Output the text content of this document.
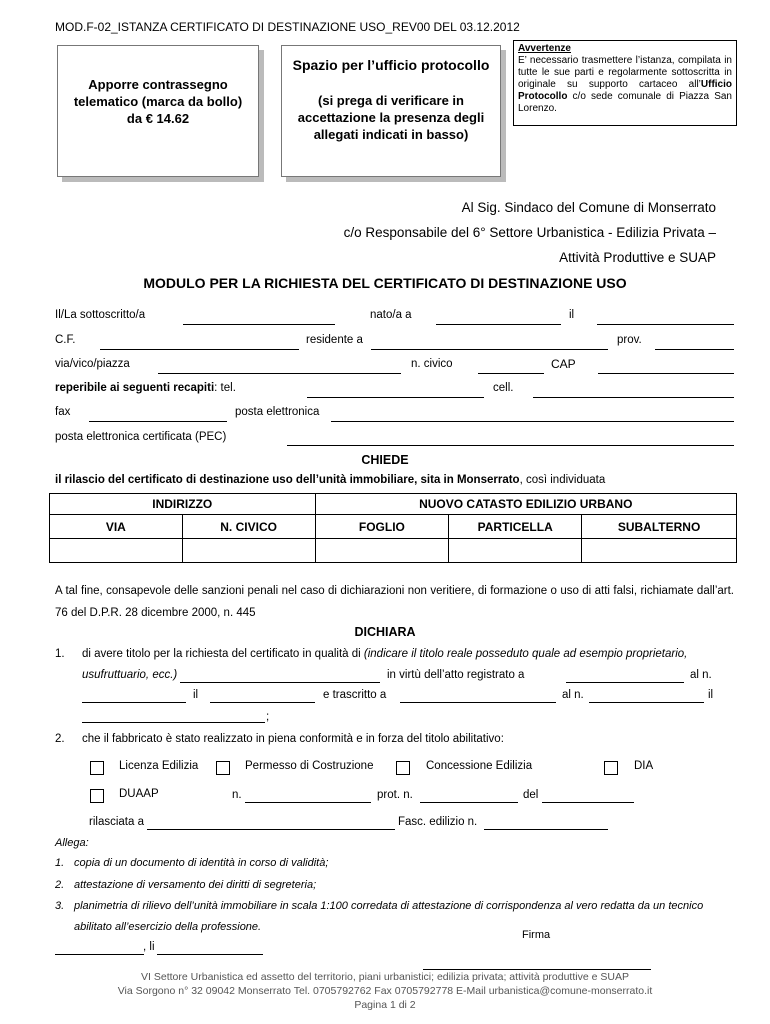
MOD.F-02_ISTANZA CERTIFICATO DI DESTINAZIONE USO_REV00 DEL 03.12.2012
Apporre contrassegno telematico (marca da bollo) da € 14.62
Spazio per l’ufficio protocollo
(si prega di verificare in accettazione la presenza degli allegati indicati in basso)
Avvertenze
E’ necessario trasmettere l’istanza, compilata in tutte le sue parti e regolarmente sottoscritta in originale su supporto cartaceo all’Ufficio Protocollo c/o sede comunale di Piazza San Lorenzo.
Al Sig. Sindaco del Comune di Monserrato
c/o Responsabile del 6° Settore Urbanistica - Edilizia Privata –
Attività Produttive e SUAP
MODULO PER LA RICHIESTA DEL CERTIFICATO DI DESTINAZIONE USO
Il/La sottoscritto/a	nato/a a	il
C.F.	residente a	prov.
via/vico/piazza	n. civico	CAP
reperibile ai seguenti recapiti: tel.	cell.
fax	posta elettronica
posta elettronica certificata (PEC)
CHIEDE
il rilascio del certificato di destinazione uso dell’unità immobiliare, sita in Monserrato, così individuata
INDIRIZZO		NUOVO CATASTO EDILIZIO URBANO		
VIA	N. CIVICO	FOGLIO	PARTICELLA	SUBALTERNO

A tal fine, consapevole delle sanzioni penali nel caso di dichiarazioni non veritiere, di formazione o uso di atti falsi, richiamate dall’art. 76 del D.P.R. 28 dicembre 2000, n. 445
DICHIARA
1. di avere titolo per la richiesta del certificato in qualità di (indicare il titolo reale posseduto quale ad esempio proprietario,
usufruttuario, ecc.)	in virtù dell’atto registrato a	al n.
il	e trascritto a	al n.	il
;
2. che il fabbricato è stato realizzato in piena conformità e in forza del titolo abilitativo:
Licenza Edilizia	Permesso di Costruzione	Concessione Edilizia	DIA
DUAAP	n.	prot. n.	del
rilasciata a	Fasc. edilizio n.
Allega:
1. copia di un documento di identità in corso di validità;
2. attestazione di versamento dei diritti di segreteria;
3. planimetria di rilievo dell’unità immobiliare in scala 1:100 corredata di attestazione di corrispondenza al vero redatta da un tecnico
abilitato all’esercizio della professione.
, li
Firma
VI Settore Urbanistica ed assetto del territorio, piani urbanistici; edilizia privata; attività produttive e SUAP
Via Sorgono n° 32 09042 Monserrato Tel. 0705792762 Fax 0705792778 E-Mail urbanistica@comune-monserrato.it
Pagina 1 di 2
